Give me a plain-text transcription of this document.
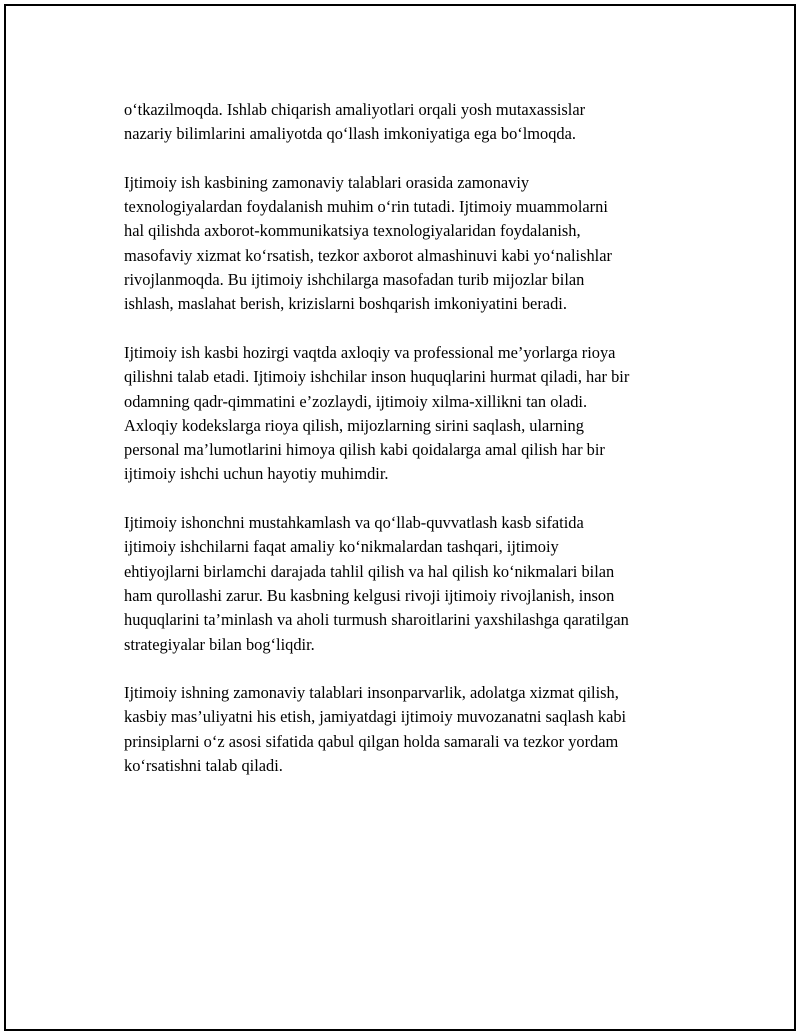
o‘tkazilmoqda. Ishlab chiqarish amaliyotlari orqali yosh mutaxassislar
nazariy bilimlarini amaliyotda qo‘llash imkoniyatiga ega bo‘lmoqda.

Ijtimoiy ish kasbining zamonaviy talablari orasida zamonaviy
texnologiyalardan foydalanish muhim o‘rin tutadi. Ijtimoiy muammolarni
hal qilishda axborot-kommunikatsiya texnologiyalaridan foydalanish,
masofaviy xizmat ko‘rsatish, tezkor axborot almashinuvi kabi yo‘nalishlar
rivojlanmoqda. Bu ijtimoiy ishchilarga masofadan turib mijozlar bilan
ishlash, maslahat berish, krizislarni boshqarish imkoniyatini beradi.

Ijtimoiy ish kasbi hozirgi vaqtda axloqiy va professional me’yorlarga rioya
qilishni talab etadi. Ijtimoiy ishchilar inson huquqlarini hurmat qiladi, har bir
odamning qadr-qimmatini e’zozlaydi, ijtimoiy xilma-xillikni tan oladi.
Axloqiy kodekslarga rioya qilish, mijozlarning sirini saqlash, ularning
personal ma’lumotlarini himoya qilish kabi qoidalarga amal qilish har bir
ijtimoiy ishchi uchun hayotiy muhimdir.

Ijtimoiy ishonchni mustahkamlash va qo‘llab-quvvatlash kasb sifatida
ijtimoiy ishchilarni faqat amaliy ko‘nikmalardan tashqari, ijtimoiy
ehtiyojlarni birlamchi darajada tahlil qilish va hal qilish ko‘nikmalari bilan
ham qurollashi zarur. Bu kasbning kelgusi rivoji ijtimoiy rivojlanish, inson
huquqlarini ta’minlash va aholi turmush sharoitlarini yaxshilashga qaratilgan
strategiyalar bilan bog‘liqdir.

Ijtimoiy ishning zamonaviy talablari insonparvarlik, adolatga xizmat qilish,
kasbiy mas’uliyatni his etish, jamiyatdagi ijtimoiy muvozanatni saqlash kabi
prinsiplarni o‘z asosi sifatida qabul qilgan holda samarali va tezkor yordam
ko‘rsatishni talab qiladi.
